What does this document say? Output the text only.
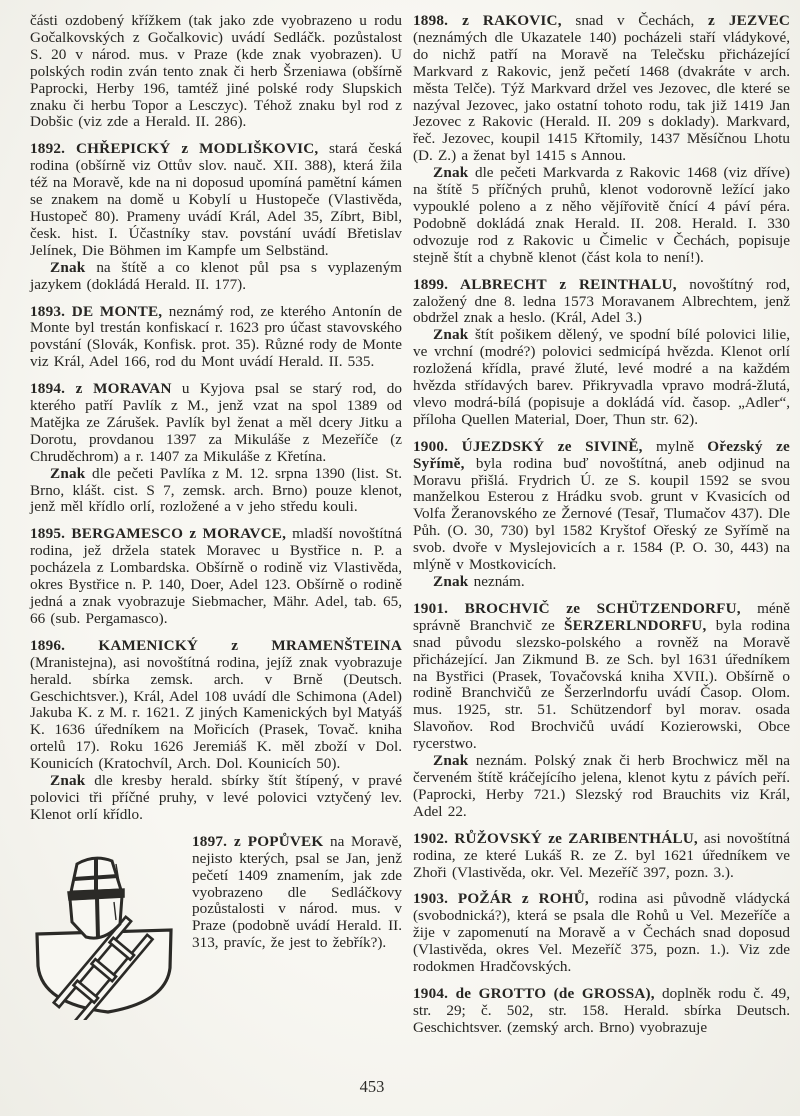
části ozdobený křížkem (tak jako zde vyobrazeno u rodu Gočalkovských z Gočalkovic) uvádí Sedláčk. pozůstalost S. 20 v národ. mus. v Praze (kde znak vyobrazen). U polských rodin zván tento znak či herb Šrzeniawa (obšírně Paprocki, Herby 196, tamtéž jiné polské rody Slupskich znaku či herbu Topor a Lesczyc). Téhož znaku byl rod z Dobšic (viz zde a Herald. II. 286).

1892. CHŘEPICKÝ z MODLIŠKOVIC, stará česká rodina (obšírně viz Ottův slov. nauč. XII. 388), která žila též na Moravě, kde na ni doposud upomíná pamětní kámen se znakem na domě u Kobylí u Hustopeče (Vlastivěda, Hustopeč 80). Prameny uvádí Král, Adel 35, Zíbrt, Bibl, česk. hist. I. Účastníky stav. povstání uvádí Břetislav Jelínek, Die Böhmen im Kampfe um Selbständ.

Znak na štítě a co klenot půl psa s vyplazeným jazykem (dokládá Herald. II. 177).

1893. DE MONTE, neznámý rod, ze kterého Antonín de Monte byl trestán konfiskací r. 1623 pro účast stavovského povstání (Slovák, Konfisk. prot. 35). Různé rody de Monte viz Král, Adel 166, rod du Mont uvádí Herald. II. 535.

1894. z MORAVAN u Kyjova psal se starý rod, do kterého patří Pavlík z M., jenž vzat na spol 1389 od Matějka ze Zárušek. Pavlík byl ženat a měl dcery Jitku a Dorotu, provdanou 1397 za Mikuláše z Mezeříče (z Chruděchrom) a r. 1407 za Mikuláše z Křetína.

Znak dle pečeti Pavlíka z M. 12. srpna 1390 (list. St. Brno, klášt. cist. S 7, zemsk. arch. Brno) pouze klenot, jenž měl křídlo orlí, rozložené a v jeho středu kouli.

1895. BERGAMESCO z MORAVCE, mladší novoštítná rodina, jež držela statek Moravec u Bystřice n. P. a pocházela z Lombardska. Obšírně o rodině viz Vlastivěda, okres Bystřice n. P. 140, Doer, Adel 123. Obšírně o rodině jedná a znak vyobrazuje Siebmacher, Mähr. Adel, tab. 65, 66 (sub. Pergamasco).

1896. KAMENICKÝ z MRAMENŠTEINA (Mranistejna), asi novoštítná rodina, jejíž znak vyobrazuje herald. sbírka zemsk. arch. v Brně (Deutsch. Geschichtsver.), Král, Adel 108 uvádí dle Schimona (Adel) Jakuba K. z M. r. 1621. Z jiných Kamenických byl Matyáš K. 1636 úředníkem na Mořicích (Prasek, Tovač. kniha ortelů 17). Roku 1626 Jeremiáš K. měl zboží v Dol. Kounicích (Kratochvíl, Arch. Dol. Kounicích 50).

Znak dle kresby herald. sbírky štít štípený, v pravé polovici tři příčné pruhy, v levé polovici vztyčený lev. Klenot orlí křídlo.

1897. z POPŮVEK na Moravě, nejisto kterých, psal se Jan, jenž pečetí 1409 znamením, jak zde vyobrazeno dle Sedláčkovy pozůstalosti v národ. mus. v Praze (podobně uvádí Herald. II. 313, pravíc, že jest to žebřík?).

1898. z RAKOVIC, snad v Čechách, z JEZVEC (neznámých dle Ukazatele 140) pocházeli staří vládykové, do nichž patří na Moravě na Telečsku přicházející Markvard z Rakovic, jenž pečetí 1468 (dvakráte v arch. města Telče). Týž Markvard držel ves Jezovec, dle které se nazýval Jezovec, jako ostatní tohoto rodu, tak již 1419 Jan Jezovec z Rakovic (Herald. II. 209 s doklady). Markvard, řeč. Jezovec, koupil 1415 Křtomily, 1437 Měsíčnou Lhotu (D. Z.) a ženat byl 1415 s Annou.

Znak dle pečeti Markvarda z Rakovic 1468 (viz dříve) na štítě 5 příčných pruhů, klenot vodorovně ležící jako vypouklé poleno a z něho vějířovitě čnící 4 páví péra. Podobně dokládá znak Herald. II. 208. Herald. I. 330 odvozuje rod z Rakovic u Čimelic v Čechách, popisuje stejně štít a chybně klenot (část kola to není!).

1899. ALBRECHT z REINTHALU, novoštítný rod, založený dne 8. ledna 1573 Moravanem Albrechtem, jenž obdržel znak a heslo. (Král, Adel 3.)

Znak štít pošikem dělený, ve spodní bílé polovici lilie, ve vrchní (modré?) polovici sedmicípá hvězda. Klenot orlí rozložená křídla, pravé žluté, levé modré a na každém hvězda střídavých barev. Přikryvadla vpravo modrá-žlutá, vlevo modrá-bílá (popisuje a dokládá víd. časop. „Adler“, příloha Quellen Material, Doer, Thun str. 62).

1900. ÚJEZDSKÝ ze SIVINĚ, mylně Ořezský ze Syřímě, byla rodina buď novoštítná, aneb odjinud na Moravu přišlá. Frydrich Ú. ze S. koupil 1592 se svou manželkou Esterou z Hrádku svob. grunt v Kvasicích od Volfa Žeranovského ze Žernové (Tesař, Tlumačov 437). Dle Půh. (O. 30, 730) byl 1582 Kryštof Ořeský ze Syřímě na svob. dvoře v Myslejovicích a r. 1584 (P. O. 30, 443) na mlýně v Mostkovicích.

Znak neznám.

1901. BROCHVIČ ze SCHÜTZENDORFU, méně správně Branchvič ze ŠERZERLNDORFU, byla rodina snad původu slezsko-polského a rovněž na Moravě přicházející. Jan Zikmund B. ze Sch. byl 1631 úředníkem na Bystřici (Prasek, Tovačovská kniha XVII.). Obšírně o rodině Branchvičů ze Šerzerlndorfu uvádí Časop. Olom. mus. 1925, str. 51. Schützendorf byl morav. osada Slavoňov. Rod Brochvičů uvádí Kozierowski, Obce rycerstwo.

Znak neznám. Polský znak či herb Brochwicz měl na červeném štítě kráčejícího jelena, klenot kytu z pávích peří. (Paprocki, Herby 721.) Slezský rod Brauchits viz Král, Adel 22.

1902. RŮŽOVSKÝ ze ZARIBENTHÁLU, asi novoštítná rodina, ze které Lukáš R. ze Z. byl 1621 úředníkem ve Zhoři (Vlastivěda, okr. Vel. Mezeříč 397, pozn. 3.).

1903. POŽÁR z ROHŮ, rodina asi původně vládycká (svobodnická?), která se psala dle Rohů u Vel. Mezeříče a žije v zapomenutí na Moravě a v Čechách snad doposud (Vlastivěda, okres Vel. Mezeříč 375, pozn. 1.). Viz zde rodokmen Hradčovských.

1904. de GROTTO (de GROSSA), doplněk rodu č. 49, str. 29; č. 502, str. 158. Herald. sbírka Deutsch. Geschichtsver. (zemský arch. Brno) vyobrazuje

453
